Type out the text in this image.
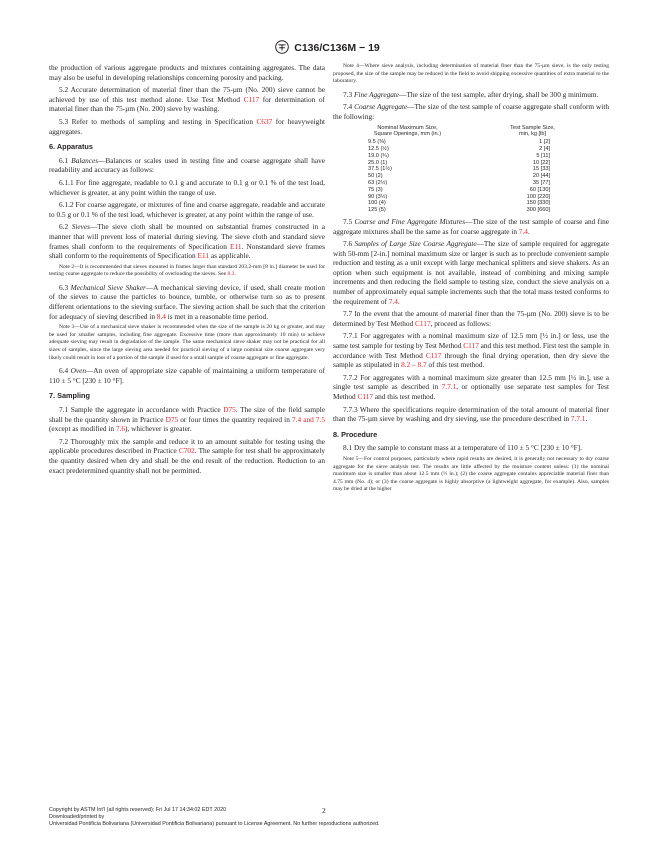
C136/C136M − 19

the production of various aggregate products and mixtures containing aggregates. The data may also be useful in developing relationships concerning porosity and packing.

5.2 Accurate determination of material finer than the 75-µm (No. 200) sieve cannot be achieved by use of this test method alone. Use Test Method C117 for determination of material finer than the 75-µm (No. 200) sieve by washing.

5.3 Refer to methods of sampling and testing in Specification C637 for heavyweight aggregates.

6. Apparatus

6.1 Balances—Balances or scales used in testing fine and coarse aggregate shall have readability and accuracy as follows:

6.1.1 For fine aggregate, readable to 0.1 g and accurate to 0.1 g or 0.1 % of the test load, whichever is greater, at any point within the range of use.

6.1.2 For coarse aggregate, or mixtures of fine and coarse aggregate, readable and accurate to 0.5 g or 0.1 % of the test load, whichever is greater, at any point within the range of use.

6.2 Sieves—The sieve cloth shall be mounted on substantial frames constructed in a manner that will prevent loss of material during sieving. The sieve cloth and standard sieve frames shall conform to the requirements of Specification E11. Nonstandard sieve frames shall conform to the requirements of Specification E11 as applicable.

Note 2—It is recommended that sieves mounted in frames larger than standard 203.2-mm [8 in.] diameter be used for testing coarse aggregate to reduce the possibility of overloading the sieves. See 8.3.

6.3 Mechanical Sieve Shaker—A mechanical sieving device, if used, shall create motion of the sieves to cause the particles to bounce, tumble, or otherwise turn so as to present different orientations to the sieving surface. The sieving action shall be such that the criterion for adequacy of sieving described in 8.4 is met in a reasonable time period.

Note 3—Use of a mechanical sieve shaker is recommended when the size of the sample is 20 kg or greater, and may be used for smaller samples, including fine aggregate. Excessive time (more than approximately 10 min) to achieve adequate sieving may result in degradation of the sample. The same mechanical sieve shaker may not be practical for all sizes of samples, since the large sieving area needed for practical sieving of a large nominal size coarse aggregate very likely could result in loss of a portion of the sample if used for a small sample of coarse aggregate or fine aggregate.

6.4 Oven—An oven of appropriate size capable of maintaining a uniform temperature of 110 ± 5 °C [230 ± 10 °F].

7. Sampling

7.1 Sample the aggregate in accordance with Practice D75. The size of the field sample shall be the quantity shown in Practice D75 or four times the quantity required in 7.4 and 7.5 (except as modified in 7.6), whichever is greater.

7.2 Thoroughly mix the sample and reduce it to an amount suitable for testing using the applicable procedures described in Practice C702. The sample for test shall be approximately the quantity desired when dry and shall be the end result of the reduction. Reduction to an exact predetermined quantity shall not be permitted.

Note 4—Where sieve analysis, including determination of material finer than the 75-µm sieve, is the only testing proposed, the size of the sample may be reduced in the field to avoid shipping excessive quantities of extra material to the laboratory.

7.3 Fine Aggregate—The size of the test sample, after drying, shall be 300 g minimum.

7.4 Coarse Aggregate—The size of the test sample of coarse aggregate shall conform with the following:

Nominal Maximum Size,
Square Openings, mm (in.)	Test Sample Size,
min, kg [lb]
9.5 (⅜)	1 [2]
12.5 (½)	2 [4]
19.0 (¾)	5 [11]
25.0 (1)	10 [22]
37.5 (1½)	15 [33]
50 (2)	20 [44]
63 (2½)	35 [77]
75 (3)	60 [130]
90 (3½)	100 [220]
100 (4)	150 [330]
125 (5)	300 [660]

7.5 Coarse and Fine Aggregate Mixtures—The size of the test sample of coarse and fine aggregate mixtures shall be the same as for coarse aggregate in 7.4.

7.6 Samples of Large Size Coarse Aggregate—The size of sample required for aggregate with 50-mm [2-in.] nominal maximum size or larger is such as to preclude convenient sample reduction and testing as a unit except with large mechanical splitters and sieve shakers. As an option when such equipment is not available, instead of combining and mixing sample increments and then reducing the field sample to testing size, conduct the sieve analysis on a number of approximately equal sample increments such that the total mass tested conforms to the requirement of 7.4.

7.7 In the event that the amount of material finer than the 75-µm (No. 200) sieve is to be determined by Test Method C117, proceed as follows:

7.7.1 For aggregates with a nominal maximum size of 12.5 mm [½ in.] or less, use the same test sample for testing by Test Method C117 and this test method. First test the sample in accordance with Test Method C117 through the final drying operation, then dry sieve the sample as stipulated in 8.2 – 8.7 of this test method.

7.7.2 For aggregates with a nominal maximum size greater than 12.5 mm [½ in.], use a single test sample as described in 7.7.1, or optionally use separate test samples for Test Method C117 and this test method.

7.7.3 Where the specifications require determination of the total amount of material finer than the 75-µm sieve by washing and dry sieving, use the procedure described in 7.7.1.

8. Procedure

8.1 Dry the sample to constant mass at a temperature of 110 ± 5 °C [230 ± 10 °F].

Note 5—For control purposes, particularly where rapid results are desired, it is generally not necessary to dry coarse aggregate for the sieve analysis test. The results are little affected by the moisture content unless: (1) the nominal maximum size is smaller than about 12.5 mm (½ in.); (2) the coarse aggregate contains appreciable material finer than 4.75 mm (No. 4); or (3) the coarse aggregate is highly absorptive (a lightweight aggregate, for example). Also, samples may be dried at the higher

Copyright by ASTM Int'l (all rights reserved); Fri Jul 17 14:34:02 EDT 2020	2
Downloaded/printed by
Universidad Pontificia Bolivariana (Universidad Pontificia Bolivariana) pursuant to License Agreement. No further reproductions authorized.
